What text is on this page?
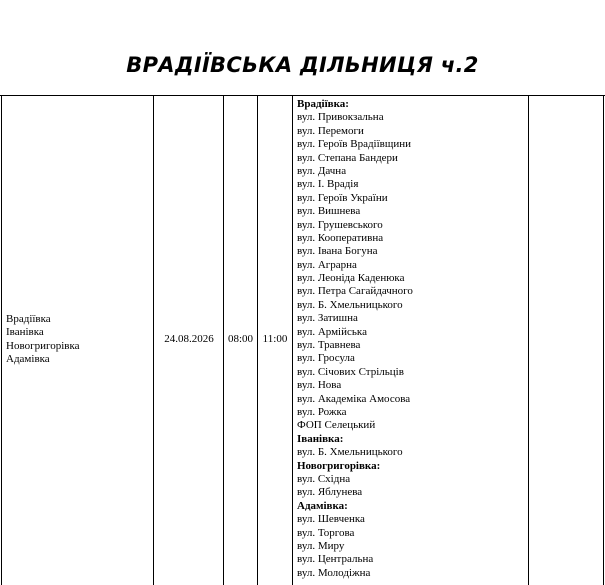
ВРАДІЇВСЬКА ДІЛЬНИЦЯ ч.2
Врадіївка
Іванівка
Новогригорівка
Адамівка
24.08.2026	08:00 11:00
Врадіївка:
вул. Привокзальна
вул. Перемоги
вул. Героїв Врадіївщини
вул. Степана Бандери
вул. Дачна
вул. І. Врадія
вул. Героїв України
вул. Вишнева
вул. Грушевського
вул. Кооперативна
вул. Івана Богуна
вул. Аграрна
вул. Леоніда Каденюка
вул. Петра Сагайдачного
вул. Б. Хмельницького
вул. Затишна
вул. Армійська
вул. Травнева
вул. Гросула
вул. Січових Стрільців
вул. Нова
вул. Академіка Амосова
вул. Рожка
ФОП Селецький
Іванівка:
вул. Б. Хмельницького
Новогригорівка:
вул. Східна
вул. Яблунева
Адамівка:
вул. Шевченка
вул. Торгова
вул. Миру
вул. Центральна
вул. Молодіжна
